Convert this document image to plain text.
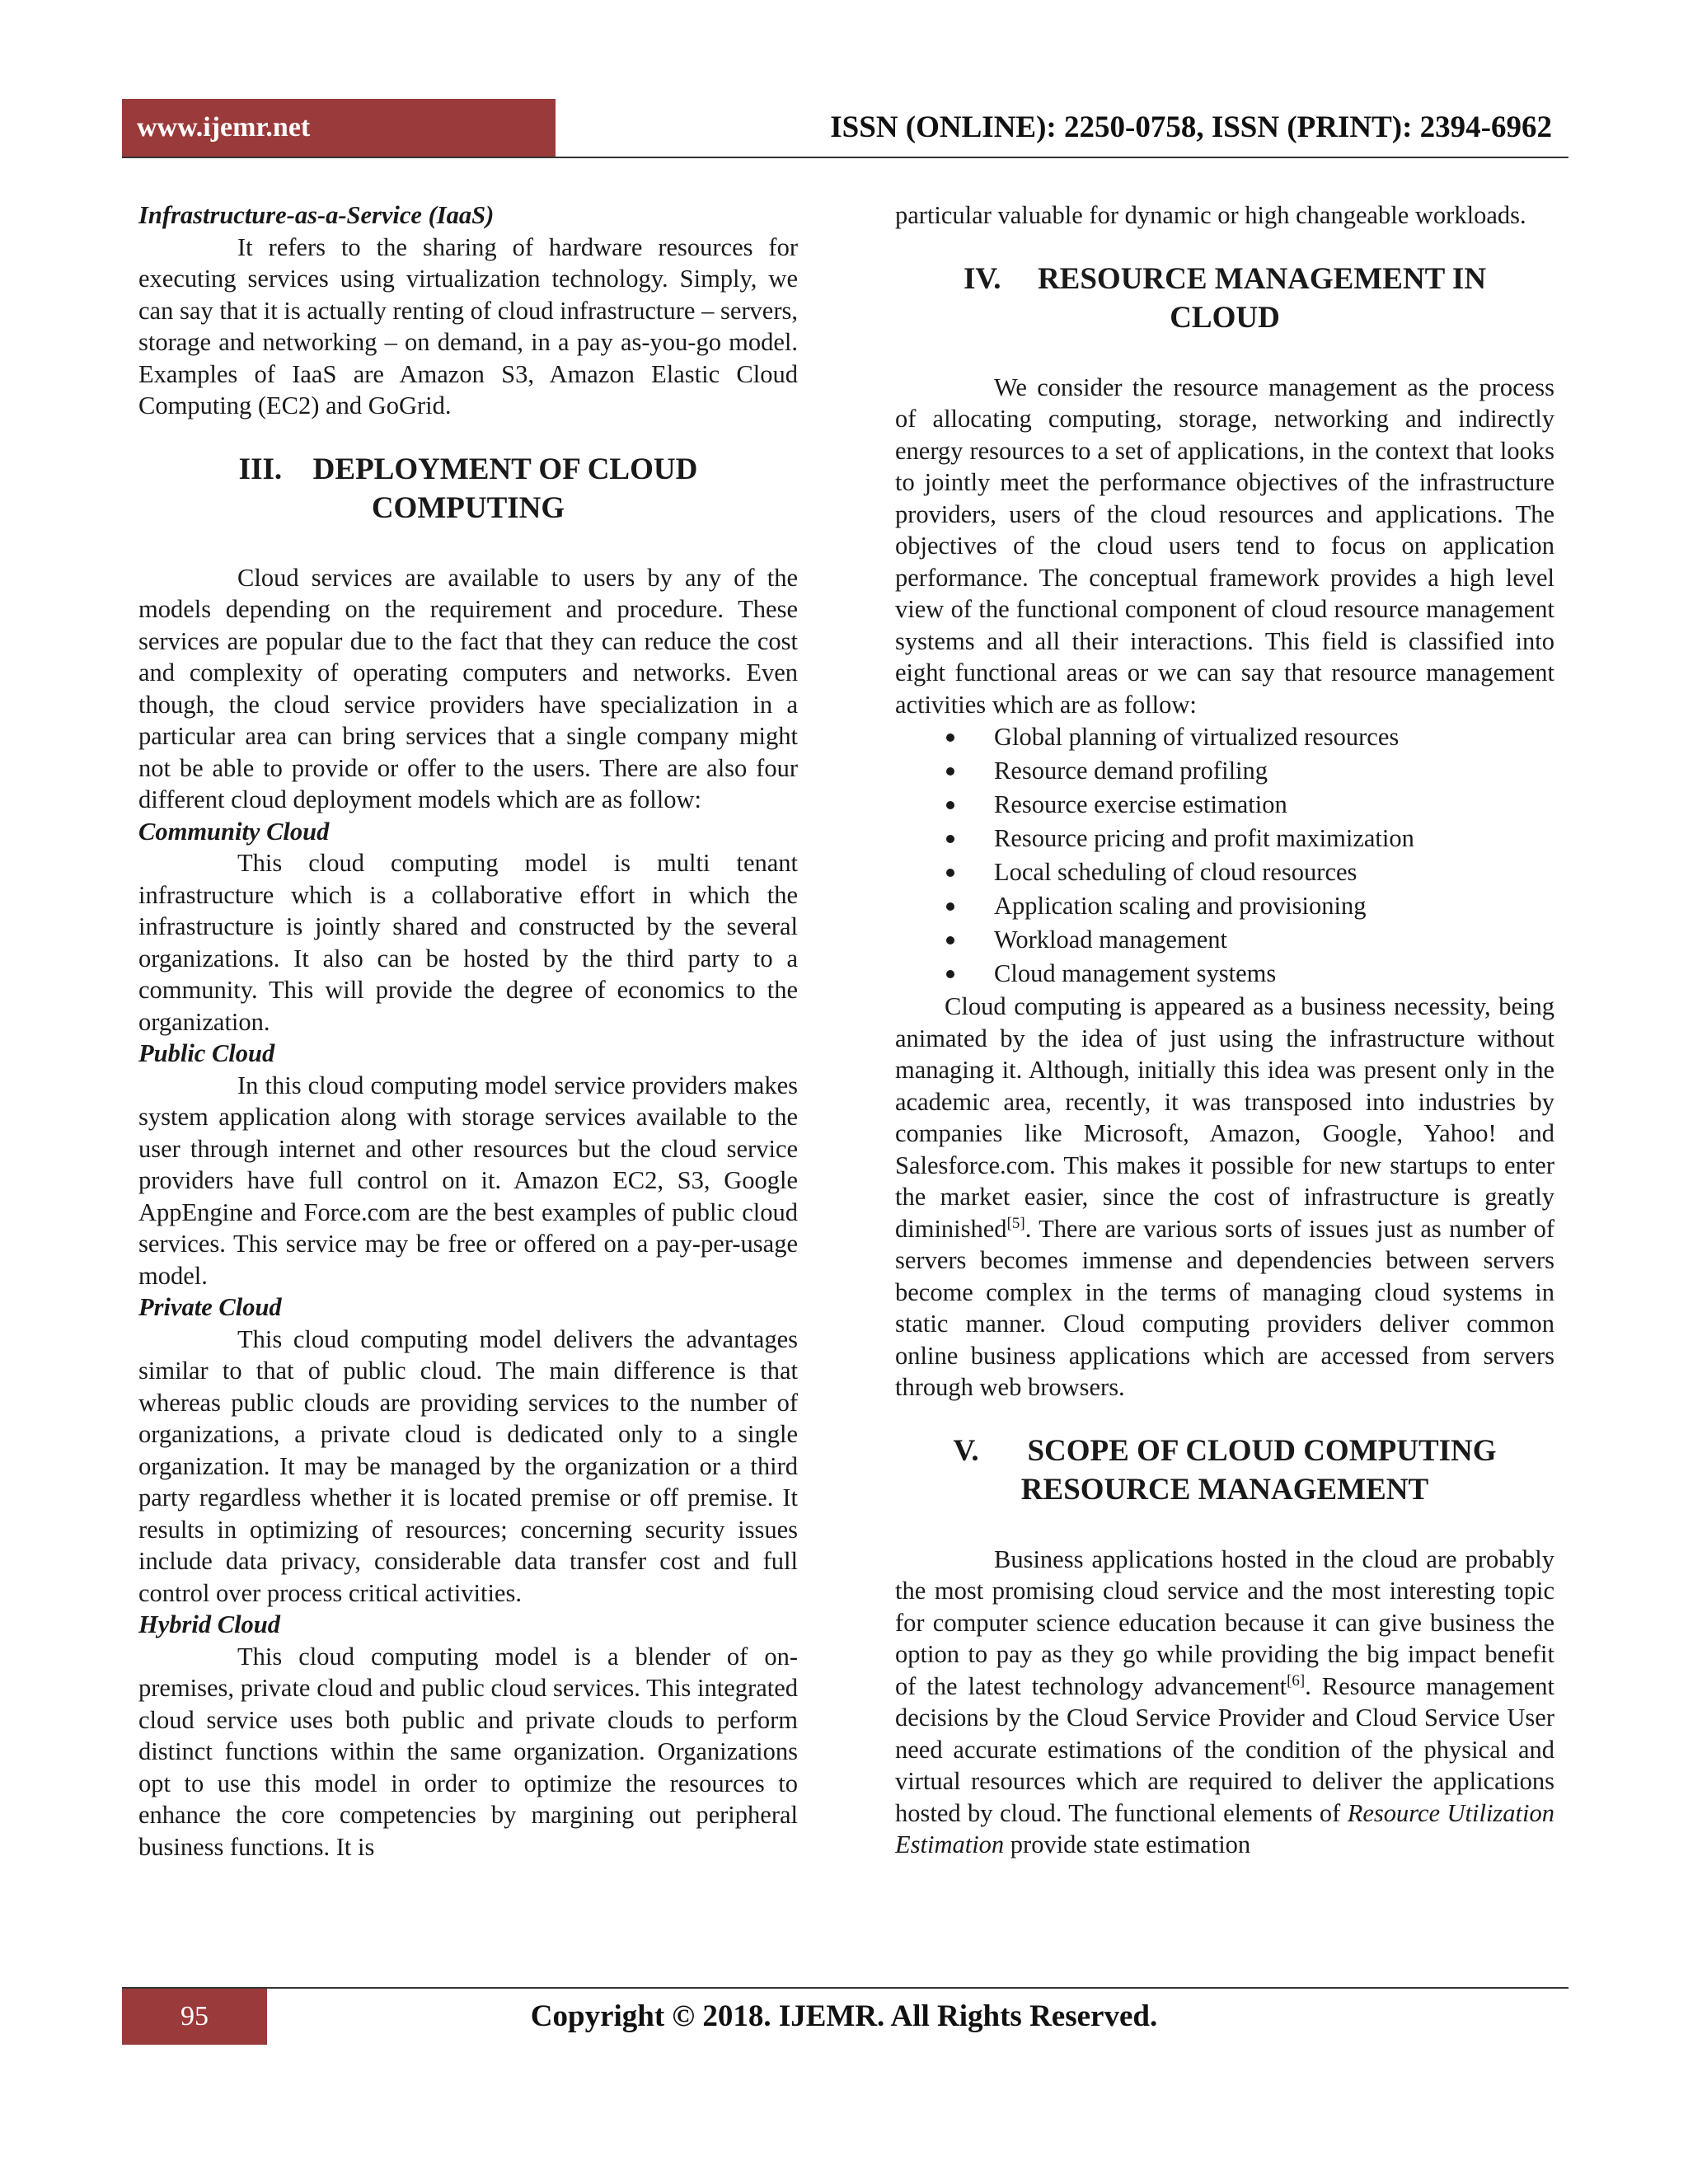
www.ijemr.net	ISSN (ONLINE): 2250-0758, ISSN (PRINT): 2394-6962

Infrastructure-as-a-Service (IaaS)

It refers to the sharing of hardware resources for executing services using virtualization technology. Simply, we can say that it is actually renting of cloud infrastructure – servers, storage and networking – on demand, in a pay as-you-go model. Examples of IaaS are Amazon S3, Amazon Elastic Cloud Computing (EC2) and GoGrid.

III. DEPLOYMENT OF CLOUD
COMPUTING

Cloud services are available to users by any of the models depending on the requirement and procedure. These services are popular due to the fact that they can reduce the cost and complexity of operating computers and networks. Even though, the cloud service providers have specialization in a particular area can bring services that a single company might not be able to provide or offer to the users. There are also four different cloud deployment models which are as follow:

Community Cloud

This cloud computing model is multi tenant infrastructure which is a collaborative effort in which the infrastructure is jointly shared and constructed by the several organizations. It also can be hosted by the third party to a community. This will provide the degree of economics to the organization.

Public Cloud

In this cloud computing model service providers makes system application along with storage services available to the user through internet and other resources but the cloud service providers have full control on it. Amazon EC2, S3, Google AppEngine and Force.com are the best examples of public cloud services. This service may be free or offered on a pay-per-usage model.

Private Cloud

This cloud computing model delivers the advantages similar to that of public cloud. The main difference is that whereas public clouds are providing services to the number of organizations, a private cloud is dedicated only to a single organization. It may be managed by the organization or a third party regardless whether it is located premise or off premise. It results in optimizing of resources; concerning security issues include data privacy, considerable data transfer cost and full control over process critical activities.

Hybrid Cloud

This cloud computing model is a blender of on-premises, private cloud and public cloud services. This integrated cloud service uses both public and private clouds to perform distinct functions within the same organization. Organizations opt to use this model in order to optimize the resources to enhance the core competencies by margining out peripheral business functions. It is

particular valuable for dynamic or high changeable workloads.

IV. RESOURCE MANAGEMENT IN
CLOUD

We consider the resource management as the process of allocating computing, storage, networking and indirectly energy resources to a set of applications, in the context that looks to jointly meet the performance objectives of the infrastructure providers, users of the cloud resources and applications. The objectives of the cloud users tend to focus on application performance. The conceptual framework provides a high level view of the functional component of cloud resource management systems and all their interactions. This field is classified into eight functional areas or we can say that resource management activities which are as follow:

Global planning of virtualized resources
Resource demand profiling
Resource exercise estimation
Resource pricing and profit maximization
Local scheduling of cloud resources
Application scaling and provisioning
Workload management
Cloud management systems

Cloud computing is appeared as a business necessity, being animated by the idea of just using the infrastructure without managing it. Although, initially this idea was present only in the academic area, recently, it was transposed into industries by companies like Microsoft, Amazon, Google, Yahoo! and Salesforce.com. This makes it possible for new startups to enter the market easier, since the cost of infrastructure is greatly diminished[5]. There are various sorts of issues just as number of servers becomes immense and dependencies between servers become complex in the terms of managing cloud systems in static manner. Cloud computing providers deliver common online business applications which are accessed from servers through web browsers.

V. SCOPE OF CLOUD COMPUTING
RESOURCE MANAGEMENT

Business applications hosted in the cloud are probably the most promising cloud service and the most interesting topic for computer science education because it can give business the option to pay as they go while providing the big impact benefit of the latest technology advancement[6]. Resource management decisions by the Cloud Service Provider and Cloud Service User need accurate estimations of the condition of the physical and virtual resources which are required to deliver the applications hosted by cloud. The functional elements of Resource Utilization Estimation provide state estimation

95	Copyright © 2018. IJEMR. All Rights Reserved.
